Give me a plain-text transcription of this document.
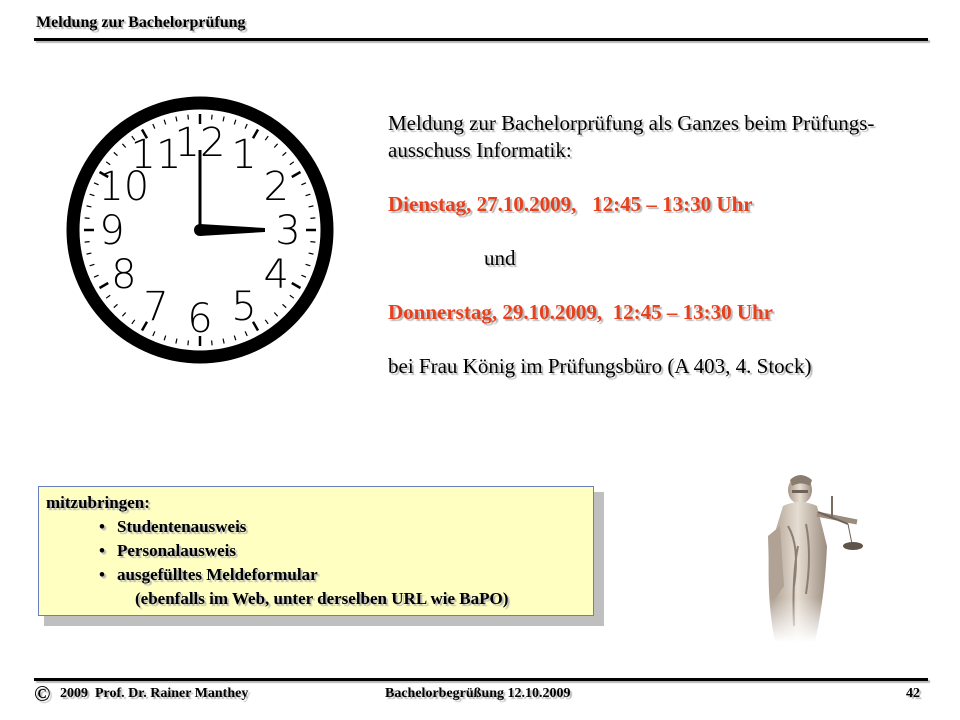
Meldung zur Bachelorprüfung
12 1
2
3
4
5
6
7
8
9
10
11

Meldung zur Bachelorprüfung als Ganzes beim Prüfungs-

ausschuss Informatik:

Dienstag, 27.10.2009,   12:45 – 13:30 Uhr

und

Donnerstag, 29.10.2009,  12:45 – 13:30 Uhr

bei Frau König im Prüfungsbüro (A 403, 4. Stock)

mitzubringen:
• Studentenausweis
• Personalausweis
• ausgefülltes Meldeformular
(ebenfalls im Web, unter derselben URL wie BaPO)
© 2009  Prof. Dr. Rainer Manthey	Bachelorbegrüßung 12.10.2009	42
